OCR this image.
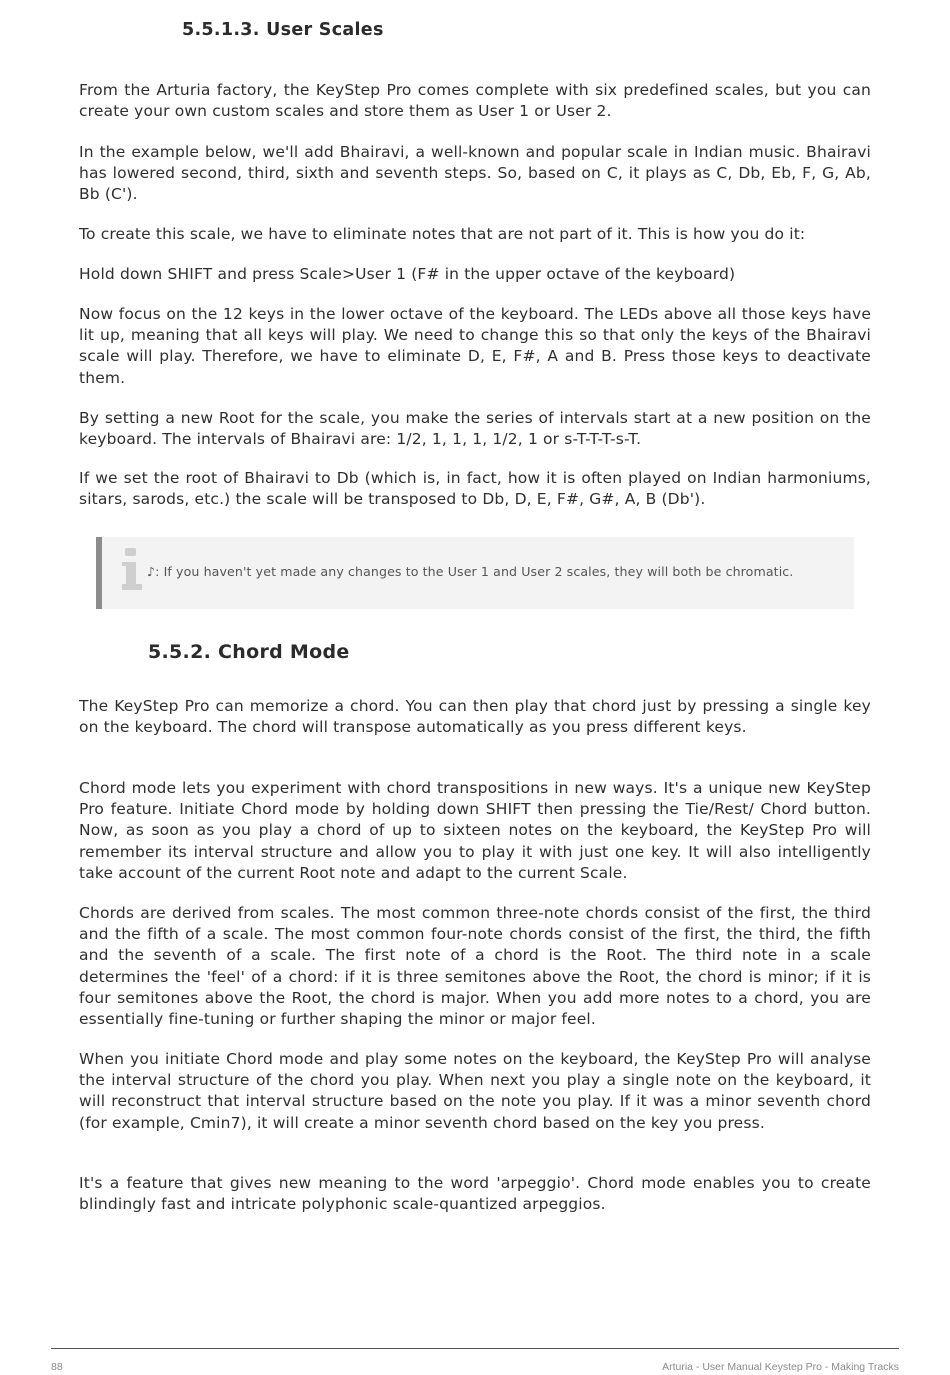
5.5.1.3. User Scales

From the Arturia factory, the KeyStep Pro comes complete with six predefined scales, but you can create your own custom scales and store them as User 1 or User 2.

In the example below, we'll add Bhairavi, a well-known and popular scale in Indian music. Bhairavi has lowered second, third, sixth and seventh steps. So, based on C, it plays as C, Db, Eb, F, G, Ab, Bb (C').

To create this scale, we have to eliminate notes that are not part of it. This is how you do it:

Hold down SHIFT and press Scale>User 1 (F# in the upper octave of the keyboard)

Now focus on the 12 keys in the lower octave of the keyboard. The LEDs above all those keys have lit up, meaning that all keys will play. We need to change this so that only the keys of the Bhairavi scale will play. Therefore, we have to eliminate D, E, F#, A and B. Press those keys to deactivate them.

By setting a new Root for the scale, you make the series of intervals start at a new position on the keyboard. The intervals of Bhairavi are: 1/2, 1, 1, 1, 1/2, 1 or s-T-T-T-s-T.

If we set the root of Bhairavi to Db (which is, in fact, how it is often played on Indian harmoniums, sitars, sarods, etc.) the scale will be transposed to Db, D, E, F#, G#, A, B (Db').

♪: If you haven't yet made any changes to the User 1 and User 2 scales, they will both be chromatic.
5.5.2. Chord Mode

The KeyStep Pro can memorize a chord. You can then play that chord just by pressing a single key on the keyboard. The chord will transpose automatically as you press different keys.

Chord mode lets you experiment with chord transpositions in new ways. It's a unique new KeyStep Pro feature. Initiate Chord mode by holding down SHIFT then pressing the Tie/Rest/ Chord button. Now, as soon as you play a chord of up to sixteen notes on the keyboard, the KeyStep Pro will remember its interval structure and allow you to play it with just one key. It will also intelligently take account of the current Root note and adapt to the current Scale.

Chords are derived from scales. The most common three-note chords consist of the first, the third and the fifth of a scale. The most common four-note chords consist of the first, the third, the fifth and the seventh of a scale. The first note of a chord is the Root. The third note in a scale determines the 'feel' of a chord: if it is three semitones above the Root, the chord is minor; if it is four semitones above the Root, the chord is major. When you add more notes to a chord, you are essentially fine-tuning or further shaping the minor or major feel.

When you initiate Chord mode and play some notes on the keyboard, the KeyStep Pro will analyse the interval structure of the chord you play. When next you play a single note on the keyboard, it will reconstruct that interval structure based on the note you play. If it was a minor seventh chord (for example, Cmin7), it will create a minor seventh chord based on the key you press.

It's a feature that gives new meaning to the word 'arpeggio'. Chord mode enables you to create blindingly fast and intricate polyphonic scale-quantized arpeggios.

88	Arturia - User Manual Keystep Pro - Making Tracks
